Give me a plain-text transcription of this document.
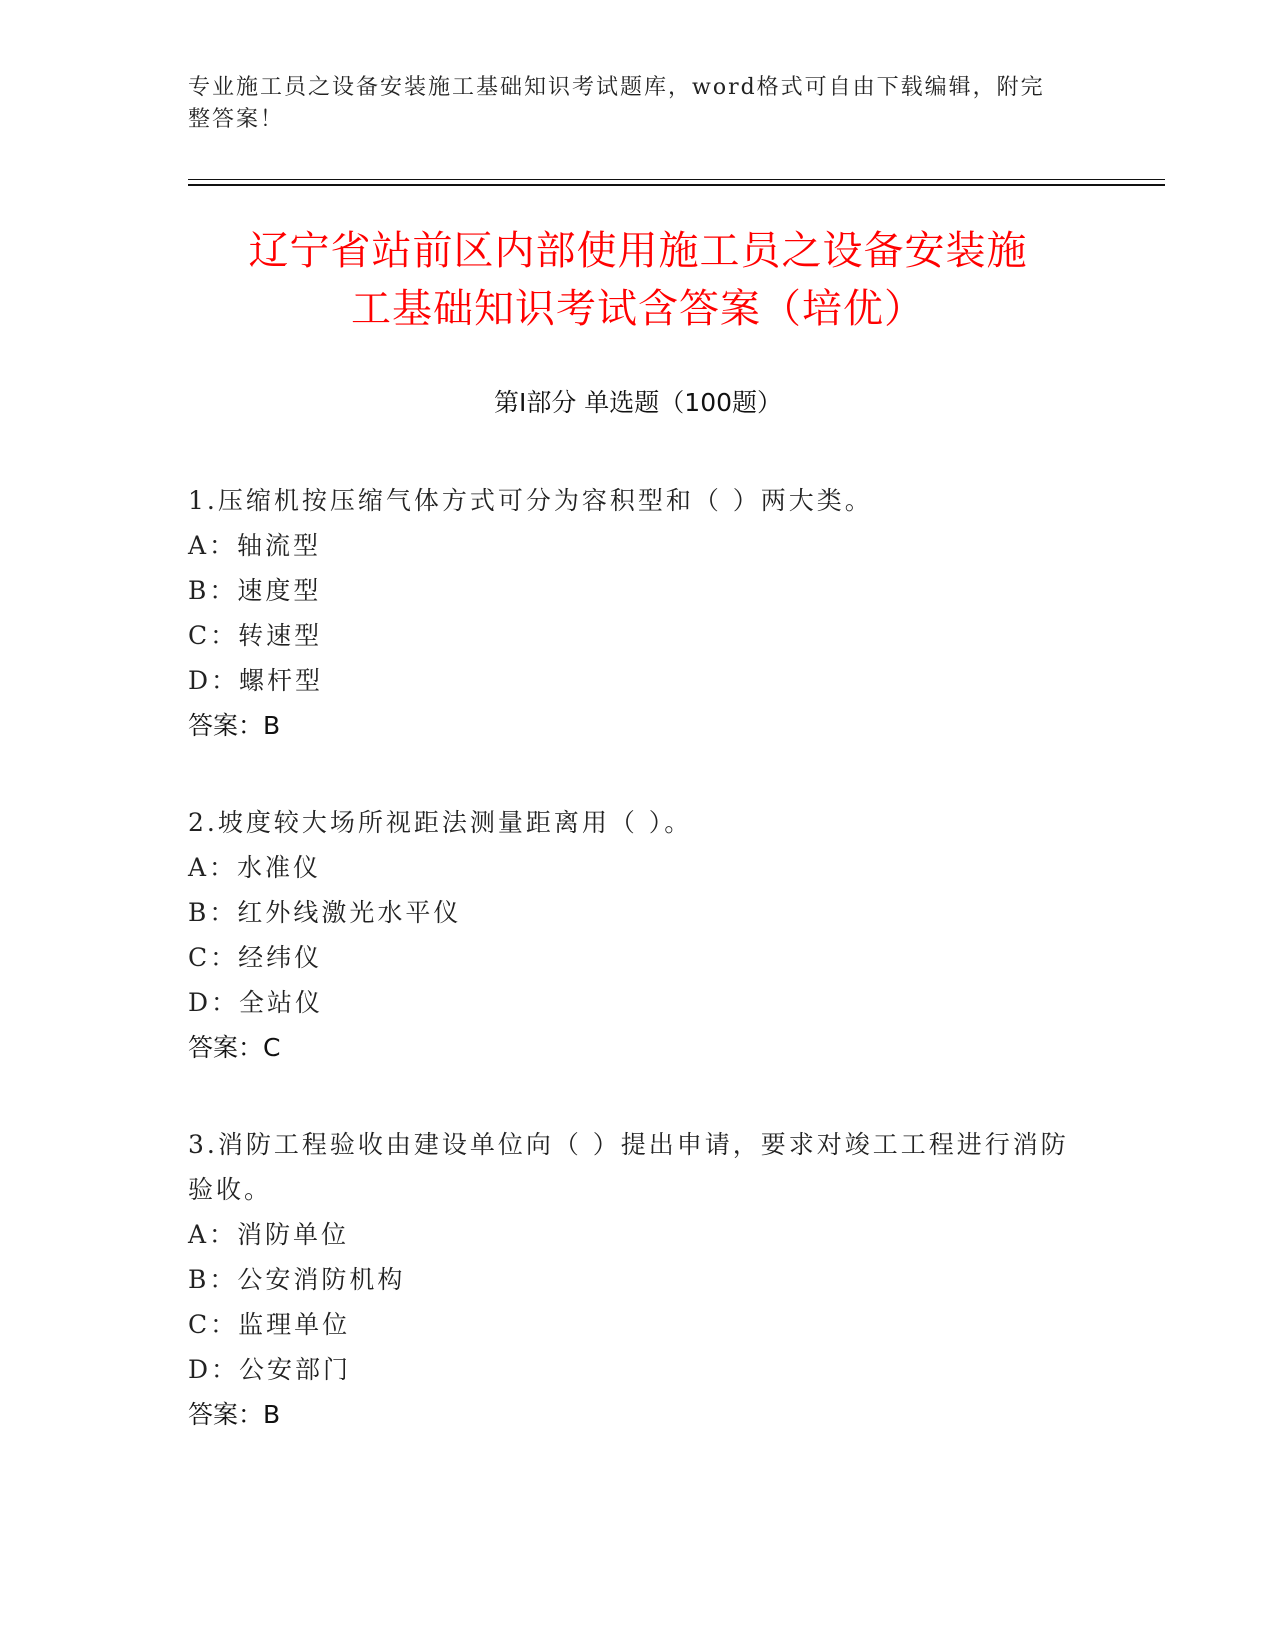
专业施工员之设备安装施工基础知识考试题库，word格式可自由下载编辑，附完整答案！
辽宁省站前区内部使用施工员之设备安装施
工基础知识考试含答案（培优）
第Ⅰ部分 单选题（100题）
1.压缩机按压缩气体方式可分为容积型和（ ）两大类。
A：轴流型
B：速度型
C：转速型
D：螺杆型
答案：B
2.坡度较大场所视距法测量距离用（ ）。
A：水准仪
B：红外线激光水平仪
C：经纬仪
D：全站仪
答案：C
3.消防工程验收由建设单位向（ ）提出申请，要求对竣工工程进行消防验收。
A：消防单位
B：公安消防机构
C：监理单位
D：公安部门
答案：B
